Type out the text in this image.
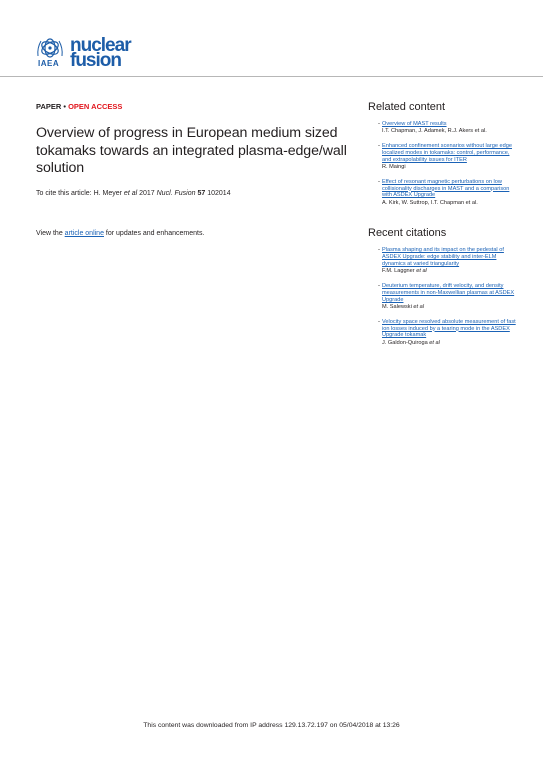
IAEA
nuclear
fusion

PAPER • OPEN ACCESS

Overview of progress in European medium sized tokamaks towards an integrated plasma-edge/wall solution

To cite this article: H. Meyer et al 2017 Nucl. Fusion 57 102014

View the article online for updates and enhancements.

Related content
- Overview of MAST results
I.T. Chapman, J. Adamek, R.J. Akers et al.
- Enhanced confinement scenarios without large edge localized modes in tokamaks: control, performance, and extrapolability issues for ITER
R. Maingi
- Effect of resonant magnetic perturbations on low collisionality discharges in MAST and a comparison with ASDEX Upgrade
A. Kirk, W. Suttrop, I.T. Chapman et al.
Recent citations
- Plasma shaping and its impact on the pedestal of ASDEX Upgrade: edge stability and inter-ELM dynamics at varied triangularity
F.M. Laggner et al
- Deuterium temperature, drift velocity, and density measurements in non-Maxwellian plasmas at ASDEX Upgrade
M. Salewski et al
- Velocity space resolved absolute measurement of fast ion losses induced by a tearing mode in the ASDEX Upgrade tokamak
J. Galdon-Quiroga et al
This content was downloaded from IP address 129.13.72.197 on 05/04/2018 at 13:26
